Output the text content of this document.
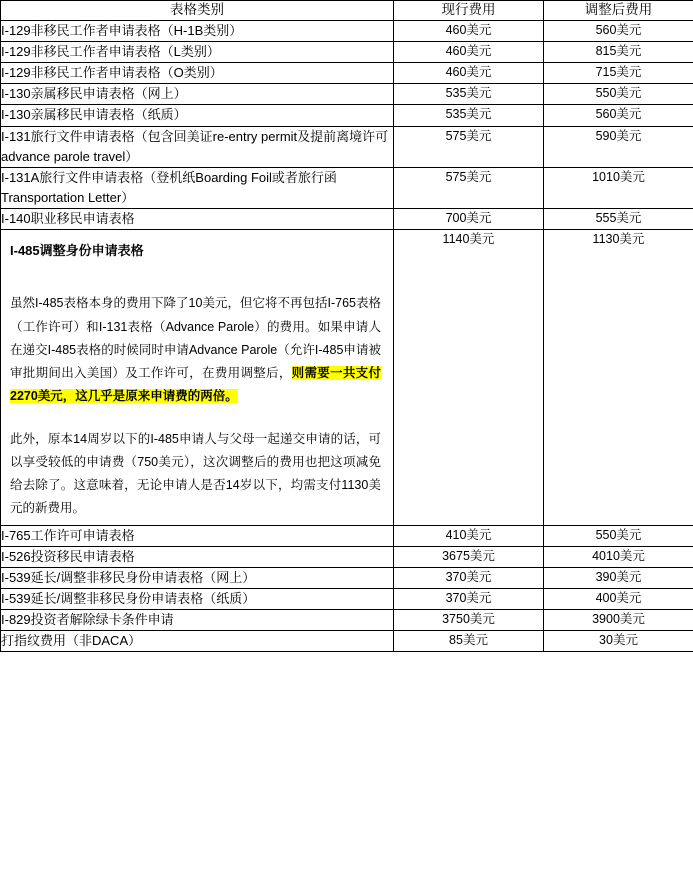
表格类别	现行费用	调整后费用
I-129非移民工作者申请表格（H-1B类别）	460美元	560美元
I-129非移民工作者申请表格（L类别）	460美元	815美元
I-129非移民工作者申请表格（O类别）	460美元	715美元
I-130亲属移民申请表格（网上）	535美元	550美元
I-130亲属移民申请表格（纸质）	535美元	560美元
I-131旅行文件申请表格（包含回美证re-entry permit及提前离境许可advance parole travel）	575美元	590美元
I-131A旅行文件申请表格（登机纸Boarding Foil或者旅行函Transportation Letter）	575美元	1010美元
I-140职业移民申请表格	700美元	555美元

I-485调整身份申请表格

虽然I-485表格本身的费用下降了10美元，但它将不再包括I-765表格（工作许可）和I-131表格（Advance Parole）的费用。如果申请人在递交I-485表格的时候同时申请Advance Parole（允许I-485申请被审批期间出入美国）及工作许可，在费用调整后，则需要一共支付2270美元，这几乎是原来申请费的两倍。

此外，原本14周岁以下的I-485申请人与父母一起递交申请的话，可以享受较低的申请费（750美元），这次调整后的费用也把这项减免给去除了。这意味着，无论申请人是否14岁以下，均需支付1130美元的新费用。	1140美元	1130美元
I-765工作许可申请表格	410美元	550美元
I-526投资移民申请表格	3675美元	4010美元
I-539延长/调整非移民身份申请表格（网上）	370美元	390美元
I-539延长/调整非移民身份申请表格（纸质）	370美元	400美元
I-829投资者解除绿卡条件申请	3750美元	3900美元
打指纹费用（非DACA）	85美元	30美元
